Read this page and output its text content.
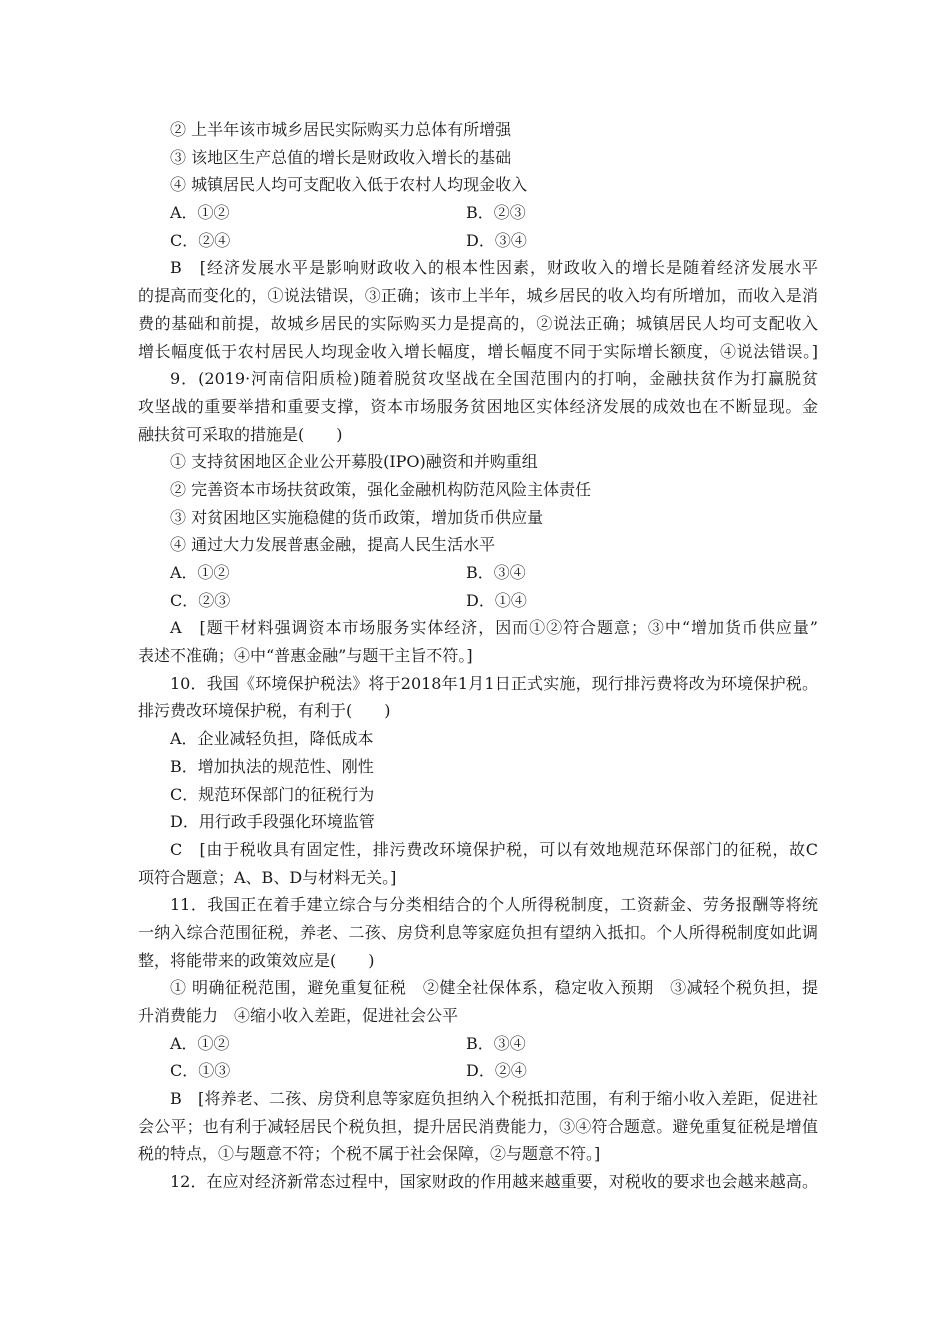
② 上半年该市城乡居民实际购买力总体有所增强
③ 该地区生产总值的增长是财政收入增长的基础
④ 城镇居民人均可支配收入低于农村人均现金收入
A．①②	B．②③
C．②④	D．③④
B　[经济发展水平是影响财政收入的根本性因素，财政收入的增长是随着经济发展水平
的提高而变化的，①说法错误，③正确；该市上半年，城乡居民的收入均有所增加，而收入是消
费的基础和前提，故城乡居民的实际购买力是提高的，②说法正确；城镇居民人均可支配收入
增长幅度低于农村居民人均现金收入增长幅度，增长幅度不同于实际增长额度，④说法错误。]
9．(2019·河南信阳质检)随着脱贫攻坚战在全国范围内的打响，金融扶贫作为打赢脱贫
攻坚战的重要举措和重要支撑，资本市场服务贫困地区实体经济发展的成效也在不断显现。金
融扶贫可采取的措施是(　　)
① 支持贫困地区企业公开募股(IPO)融资和并购重组
② 完善资本市场扶贫政策，强化金融机构防范风险主体责任
③ 对贫困地区实施稳健的货币政策，增加货币供应量
④ 通过大力发展普惠金融，提高人民生活水平
A．①②	B．③④
C．②③	D．①④
A　[题干材料强调资本市场服务实体经济，因而①②符合题意；③中“增加货币供应量”
表述不准确；④中“普惠金融”与题干主旨不符。]
10．我国《环境保护税法》将于2018年1月1日正式实施，现行排污费将改为环境保护税。
排污费改环境保护税，有利于(　　)
A．企业减轻负担，降低成本
B．增加执法的规范性、刚性
C．规范环保部门的征税行为
D．用行政手段强化环境监管
C　[由于税收具有固定性，排污费改环境保护税，可以有效地规范环保部门的征税，故C
项符合题意；A、B、D与材料无关。]
11．我国正在着手建立综合与分类相结合的个人所得税制度，工资薪金、劳务报酬等将统
一纳入综合范围征税，养老、二孩、房贷利息等家庭负担有望纳入抵扣。个人所得税制度如此调
整，将能带来的政策效应是(　　)
① 明确征税范围，避免重复征税　②健全社保体系，稳定收入预期　③减轻个税负担，提
升消费能力　④缩小收入差距，促进社会公平
A．①②	B．③④
C．①③	D．②④
B　[将养老、二孩、房贷利息等家庭负担纳入个税抵扣范围，有利于缩小收入差距，促进社
会公平；也有利于减轻居民个税负担，提升居民消费能力，③④符合题意。避免重复征税是增值
税的特点，①与题意不符；个税不属于社会保障，②与题意不符。]
12．在应对经济新常态过程中，国家财政的作用越来越重要，对税收的要求也会越来越高。
